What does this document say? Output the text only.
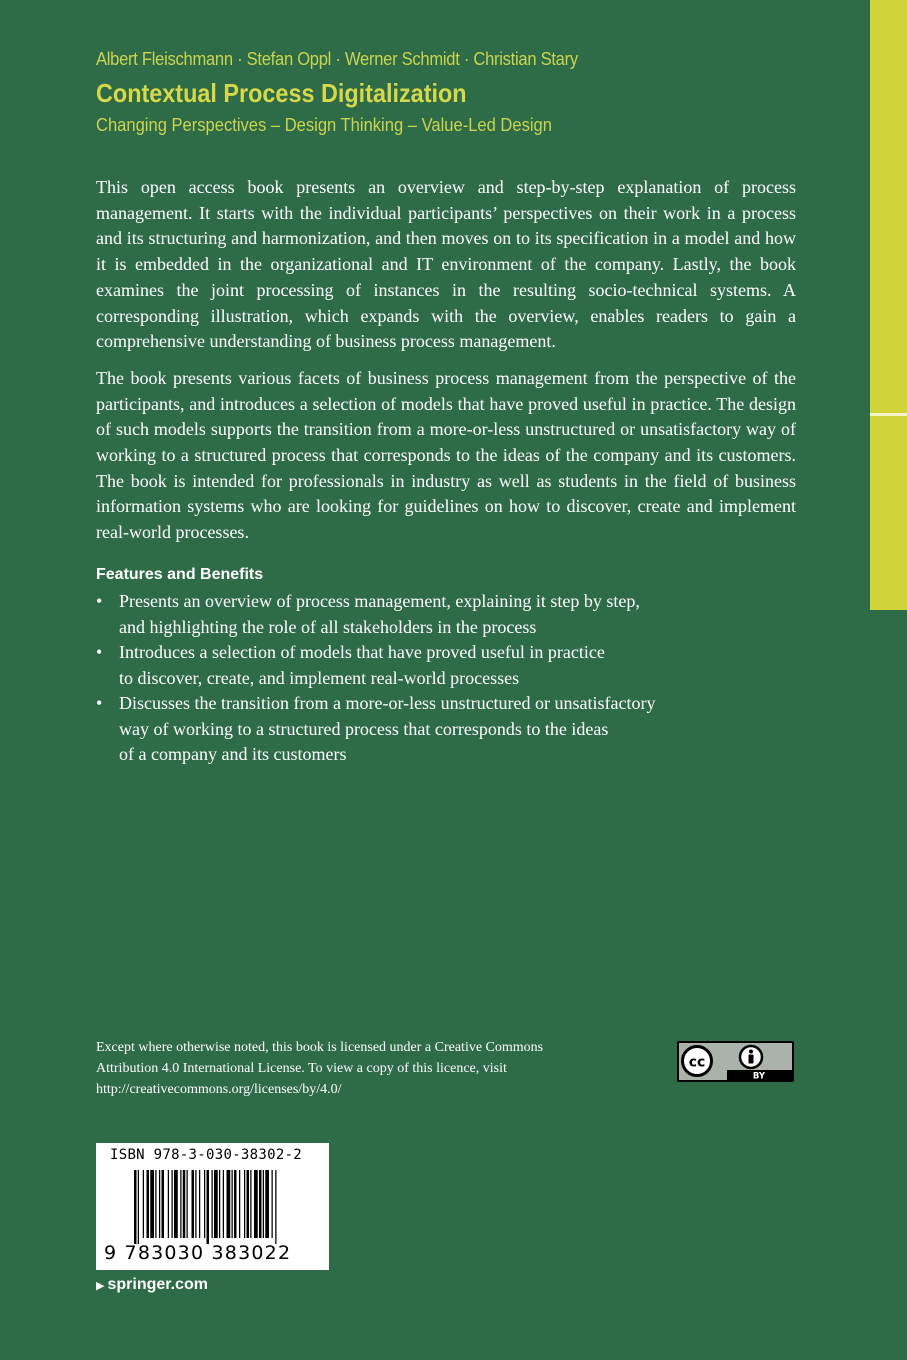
Albert Fleischmann · Stefan Oppl · Werner Schmidt · Christian Stary
Contextual Process Digitalization
Changing Perspectives – Design Thinking – Value-Led Design

This open access book presents an overview and step-by-step explanation of process management. It starts with the individual participants’ perspectives on their work in a process and its structuring and harmonization, and then moves on to its specification in a model and how it is embedded in the organizational and IT environment of the company. Lastly, the book examines the joint processing of instances in the resulting socio-technical systems. A corresponding illustration, which expands with the overview, enables readers to gain a comprehensive understanding of business process management.

The book presents various facets of business process management from the perspective of the participants, and introduces a selection of models that have proved useful in practice. The design of such models supports the transition from a more-or-less unstructured or unsatisfactory way of working to a structured process that corresponds to the ideas of the company and its customers. The book is intended for professionals in industry as well as students in the field of business information systems who are looking for guidelines on how to discover, create and implement real-world processes.

Features and Benefits
• Presents an overview of process management, explaining it step by step,
and highlighting the role of all stakeholders in the process
• Introduces a selection of models that have proved useful in practice
to discover, create, and implement real-world processes
• Discusses the transition from a more-or-less unstructured or unsatisfactory
way of working to a structured process that corresponds to the ideas
of a company and its customers
Except where otherwise noted, this book is licensed under a Creative Commons
Attribution 4.0 International License. To view a copy of this licence, visit
http://creativecommons.org/licenses/by/4.0/
cc
BY
ISBN 978-3-030-38302-2
9 783030 383022
▶ springer.com
